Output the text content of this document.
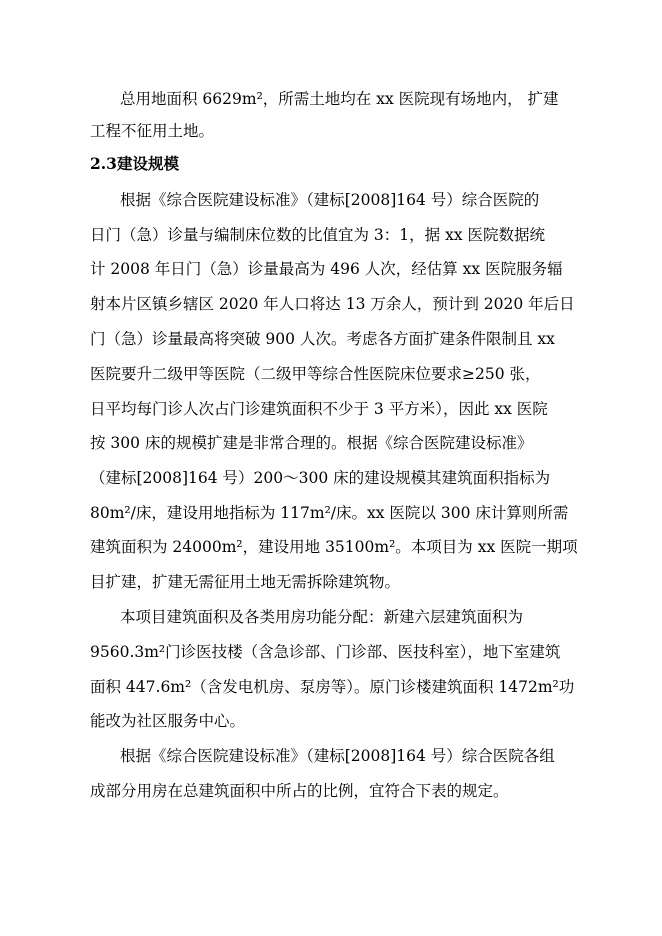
总用地面积 6629m²，所需土地均在 xx 医院现有场地内， 扩建
工程不征用土地。
2.3建设规模
根据《综合医院建设标准》（建标[2008]164 号）综合医院的
日门（急）诊量与编制床位数的比值宜为 3：1，据 xx 医院数据统
计 2008 年日门（急）诊量最高为 496 人次，经估算 xx 医院服务辐
射本片区镇乡辖区 2020 年人口将达 13 万余人，预计到 2020 年后日
门（急）诊量最高将突破 900 人次。考虑各方面扩建条件限制且 xx
医院要升二级甲等医院（二级甲等综合性医院床位要求≥250 张，
日平均每门诊人次占门诊建筑面积不少于 3 平方米），因此 xx 医院
按 300 床的规模扩建是非常合理的。根据《综合医院建设标准》
（建标[2008]164 号）200～300 床的建设规模其建筑面积指标为
80m²/床，建设用地指标为 117m²/床。xx 医院以 300 床计算则所需
建筑面积为 24000m²，建设用地 35100m²。本项目为 xx 医院一期项
目扩建，扩建无需征用土地无需拆除建筑物。
本项目建筑面积及各类用房功能分配：新建六层建筑面积为
9560.3m²门诊医技楼（含急诊部、门诊部、医技科室），地下室建筑
面积 447.6m²（含发电机房、泵房等）。原门诊楼建筑面积 1472m²功
能改为社区服务中心。
根据《综合医院建设标准》（建标[2008]164 号）综合医院各组
成部分用房在总建筑面积中所占的比例，宜符合下表的规定。
